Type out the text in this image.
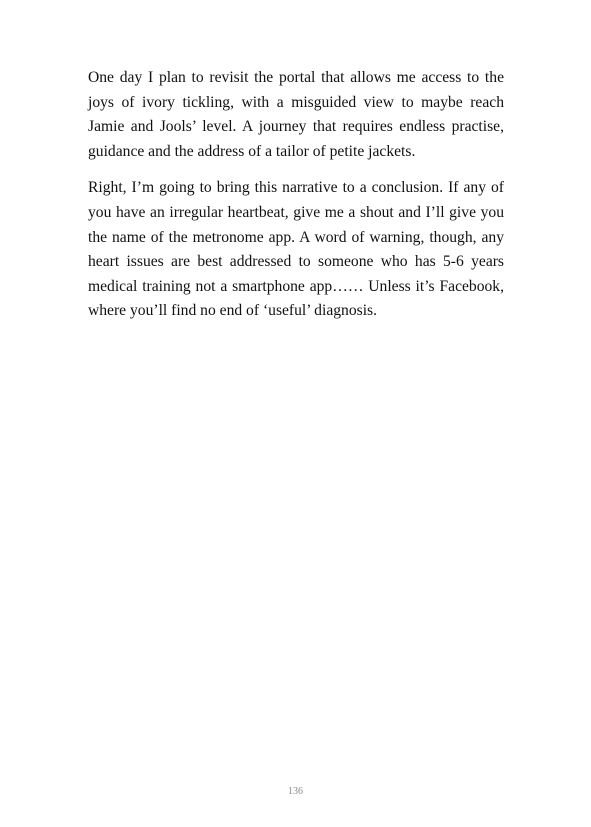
One day I plan to revisit the portal that allows me access to the joys of ivory tickling, with a misguided view to maybe reach Jamie and Jools’ level. A journey that requires endless practise, guidance and the address of a tailor of petite jackets.

Right, I’m going to bring this narrative to a conclusion. If any of you have an irregular heartbeat, give me a shout and I’ll give you the name of the metronome app. A word of warning, though, any heart issues are best addressed to someone who has 5-6 years medical training not a smartphone app…… Unless it’s Facebook, where you’ll find no end of ‘useful’ diagnosis.

136
